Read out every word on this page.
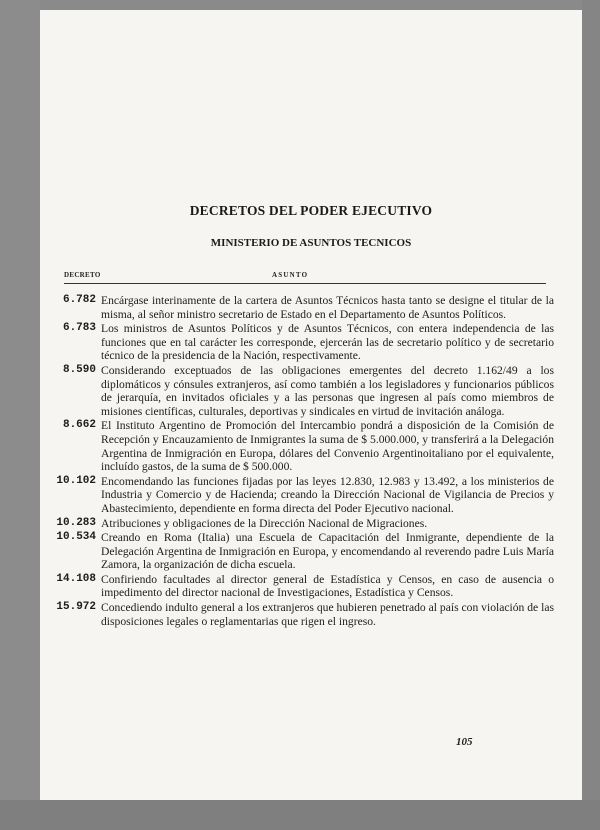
DECRETOS DEL PODER EJECUTIVO
MINISTERIO DE ASUNTOS TECNICOS
DECRETO	ASUNTO
6.782 Encárgase interinamente de la cartera de Asuntos Técnicos hasta tanto se designe el titular de la misma, al señor ministro secretario de Estado en el Departamento de Asuntos Políticos.
6.783 Los ministros de Asuntos Políticos y de Asuntos Técnicos, con entera independencia de las funciones que en tal carácter les corresponde, ejercerán las de secretario político y de secretario técnico de la presidencia de la Nación, respectivamente.
8.590 Considerando exceptuados de las obligaciones emergentes del decreto 1.162/49 a los diplomáticos y cónsules extranjeros, así como también a los legisladores y funcionarios públicos de jerarquía, en invitados oficiales y a las personas que ingresen al país como miembros de misiones científicas, culturales, deportivas y sindicales en virtud de invitación análoga.
8.662 El Instituto Argentino de Promoción del Intercambio pondrá a disposición de la Comisión de Recepción y Encauzamiento de Inmigrantes la suma de $ 5.000.000, y transferirá a la Delegación Argentina de Inmigración en Europa, dólares del Convenio Argentinoitaliano por el equivalente, incluído gastos, de la suma de $ 500.000.
10.102 Encomendando las funciones fijadas por las leyes 12.830, 12.983 y 13.492, a los ministerios de Industria y Comercio y de Hacienda; creando la Dirección Nacional de Vigilancia de Precios y Abastecimiento, dependiente en forma directa del Poder Ejecutivo nacional.
10.283 Atribuciones y obligaciones de la Dirección Nacional de Migraciones.
10.534 Creando en Roma (Italia) una Escuela de Capacitación del Inmigrante, dependiente de la Delegación Argentina de Inmigración en Europa, y encomendando al reverendo padre Luis María Zamora, la organización de dicha escuela.
14.108 Confiriendo facultades al director general de Estadística y Censos, en caso de ausencia o impedimento del director nacional de Investigaciones, Estadística y Censos.
15.972 Concediendo indulto general a los extranjeros que hubieren penetrado al país con violación de las disposiciones legales o reglamentarias que rigen el ingreso.
105
